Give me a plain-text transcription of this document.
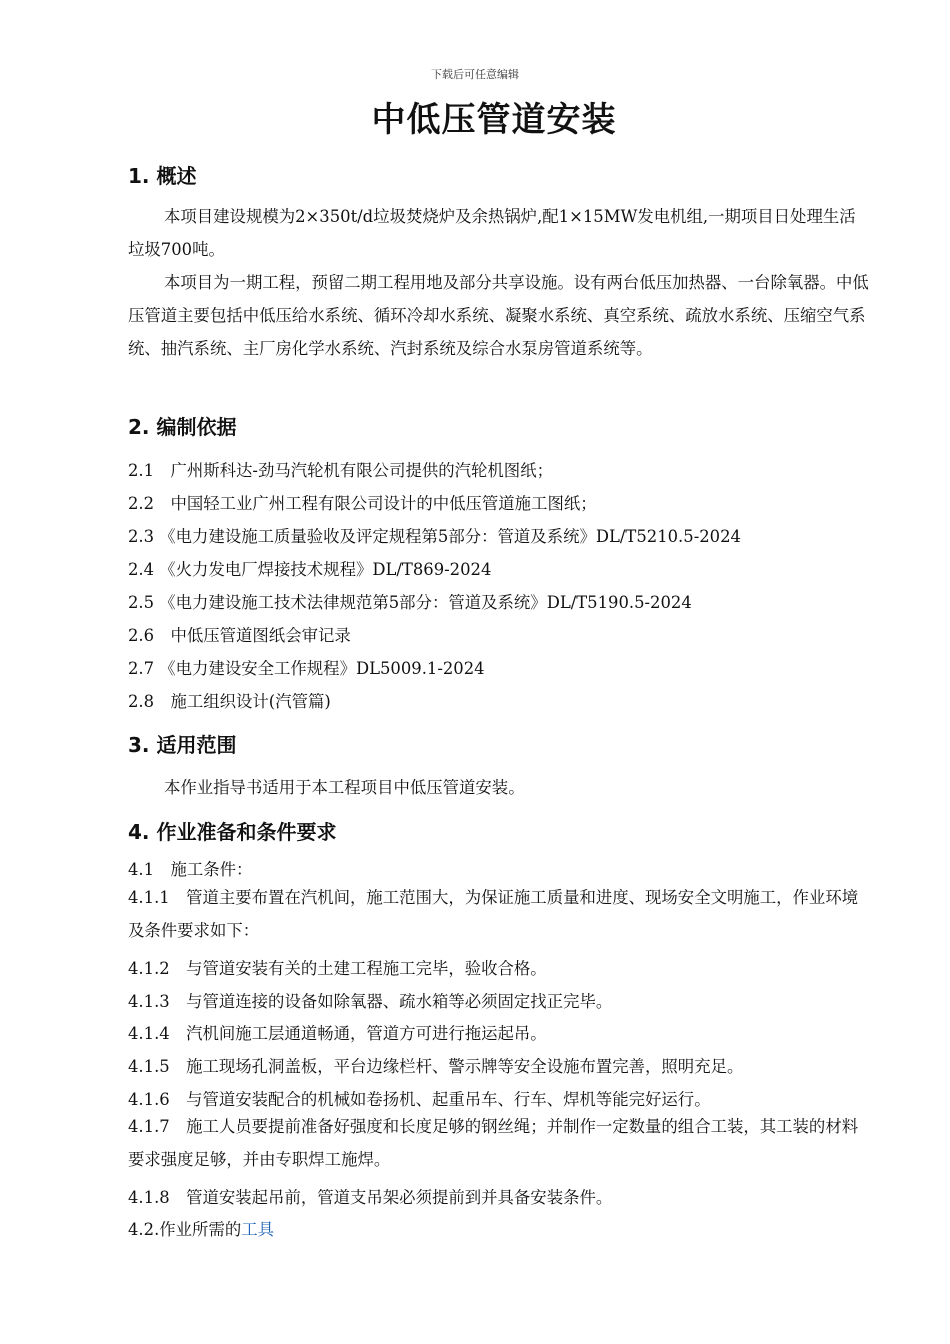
下载后可任意编辑
中低压管道安装
1. 概述

本项目建设规模为2×350t/d垃圾焚烧炉及余热锅炉,配1×15MW发电机组,一期项目日处理生活垃圾700吨。

本项目为一期工程，预留二期工程用地及部分共享设施。设有两台低压加热器、一台除氧器。中低压管道主要包括中低压给水系统、循环冷却水系统、凝聚水系统、真空系统、疏放水系统、压缩空气系统、抽汽系统、主厂房化学水系统、汽封系统及综合水泵房管道系统等。

2. 编制依据
2.1　广州斯科达-劲马汽轮机有限公司提供的汽轮机图纸；
2.2　中国轻工业广州工程有限公司设计的中低压管道施工图纸；
2.3 《电力建设施工质量验收及评定规程第5部分：管道及系统》DL/T5210.5-2024
2.4 《火力发电厂焊接技术规程》DL/T869-2024
2.5 《电力建设施工技术法律规范第5部分：管道及系统》DL/T5190.5-2024
2.6　中低压管道图纸会审记录
2.7 《电力建设安全工作规程》DL5009.1-2024
2.8　施工组织设计(汽管篇)
3. 适用范围
本作业指导书适用于本工程项目中低压管道安装。
4. 作业准备和条件要求
4.1　施工条件：

4.1.1　管道主要布置在汽机间，施工范围大，为保证施工质量和进度、现场安全文明施工，作业环境及条件要求如下：

4.1.2　与管道安装有关的土建工程施工完毕，验收合格。
4.1.3　与管道连接的设备如除氧器、疏水箱等必须固定找正完毕。
4.1.4　汽机间施工层通道畅通，管道方可进行拖运起吊。
4.1.5　施工现场孔洞盖板，平台边缘栏杆、警示牌等安全设施布置完善，照明充足。
4.1.6　与管道安装配合的机械如卷扬机、起重吊车、行车、焊机等能完好运行。

4.1.7　施工人员要提前准备好强度和长度足够的钢丝绳；并制作一定数量的组合工装，其工装的材料要求强度足够，并由专职焊工施焊。

4.1.8　管道安装起吊前，管道支吊架必须提前到并具备安装条件。
4.2.作业所需的工具
